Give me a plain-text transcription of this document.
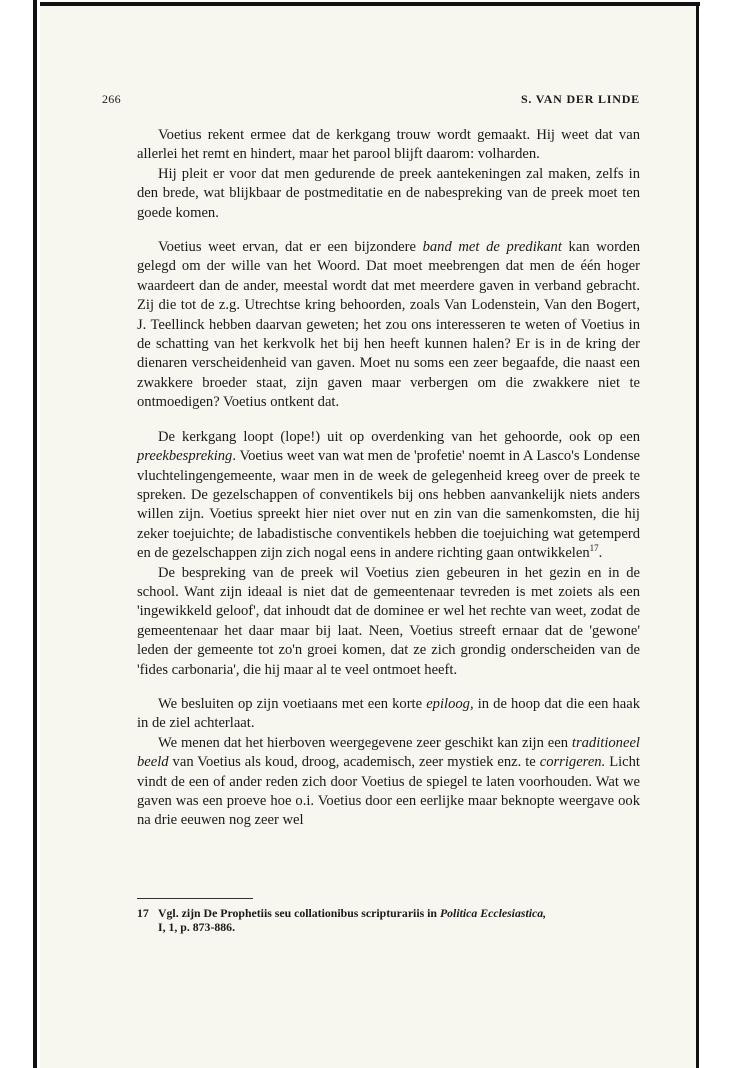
266	S. VAN DER LINDE

Voetius rekent ermee dat de kerkgang trouw wordt gemaakt. Hij weet dat van allerlei het remt en hindert, maar het parool blijft daarom: volharden.

Hij pleit er voor dat men gedurende de preek aantekeningen zal maken, zelfs in den brede, wat blijkbaar de postmeditatie en de nabespreking van de preek moet ten goede komen.

Voetius weet ervan, dat er een bijzondere band met de predikant kan worden gelegd om der wille van het Woord. Dat moet meebrengen dat men de één hoger waardeert dan de ander, meestal wordt dat met meerdere gaven in verband gebracht. Zij die tot de z.g. Utrechtse kring behoorden, zoals Van Lodenstein, Van den Bogert, J. Teellinck hebben daarvan geweten; het zou ons interesseren te weten of Voetius in de schatting van het kerkvolk het bij hen heeft kunnen halen? Er is in de kring der dienaren verscheidenheid van gaven. Moet nu soms een zeer begaafde, die naast een zwakkere broeder staat, zijn gaven maar verbergen om die zwakkere niet te ontmoedigen? Voetius ontkent dat.

De kerkgang loopt (lope!) uit op overdenking van het gehoorde, ook op een preekbespreking. Voetius weet van wat men de 'profetie' noemt in A Lasco's Londense vluchtelingengemeente, waar men in de week de gelegenheid kreeg over de preek te spreken. De gezelschappen of conventikels bij ons hebben aanvankelijk niets anders willen zijn. Voetius spreekt hier niet over nut en zin van die samenkomsten, die hij zeker toejuichte; de labadistische conventikels hebben die toejuiching wat getemperd en de gezelschappen zijn zich nogal eens in andere richting gaan ontwikkelen$^{17}$.

De bespreking van de preek wil Voetius zien gebeuren in het gezin en in de school. Want zijn ideaal is niet dat de gemeentenaar tevreden is met zoiets als een 'ingewikkeld geloof', dat inhoudt dat de dominee er wel het rechte van weet, zodat de gemeentenaar het daar maar bij laat. Neen, Voetius streeft ernaar dat de 'gewone' leden der gemeente tot zo'n groei komen, dat ze zich grondig onderscheiden van de 'fides carbonaria', die hij maar al te veel ontmoet heeft.

We besluiten op zijn voetiaans met een korte epiloog, in de hoop dat die een haak in de ziel achterlaat.

We menen dat het hierboven weergegevene zeer geschikt kan zijn een traditioneel beeld van Voetius als koud, droog, academisch, zeer mystiek enz. te corrigeren. Licht vindt de een of ander reden zich door Voetius de spiegel te laten voorhouden. Wat we gaven was een proeve hoe o.i. Voetius door een eerlijke maar beknopte weergave ook na drie eeuwen nog zeer wel

17 Vgl. zijn De Prophetiis seu collationibus scripturariis in Politica Ecclesiastica,
I, 1, p. 873-886.
